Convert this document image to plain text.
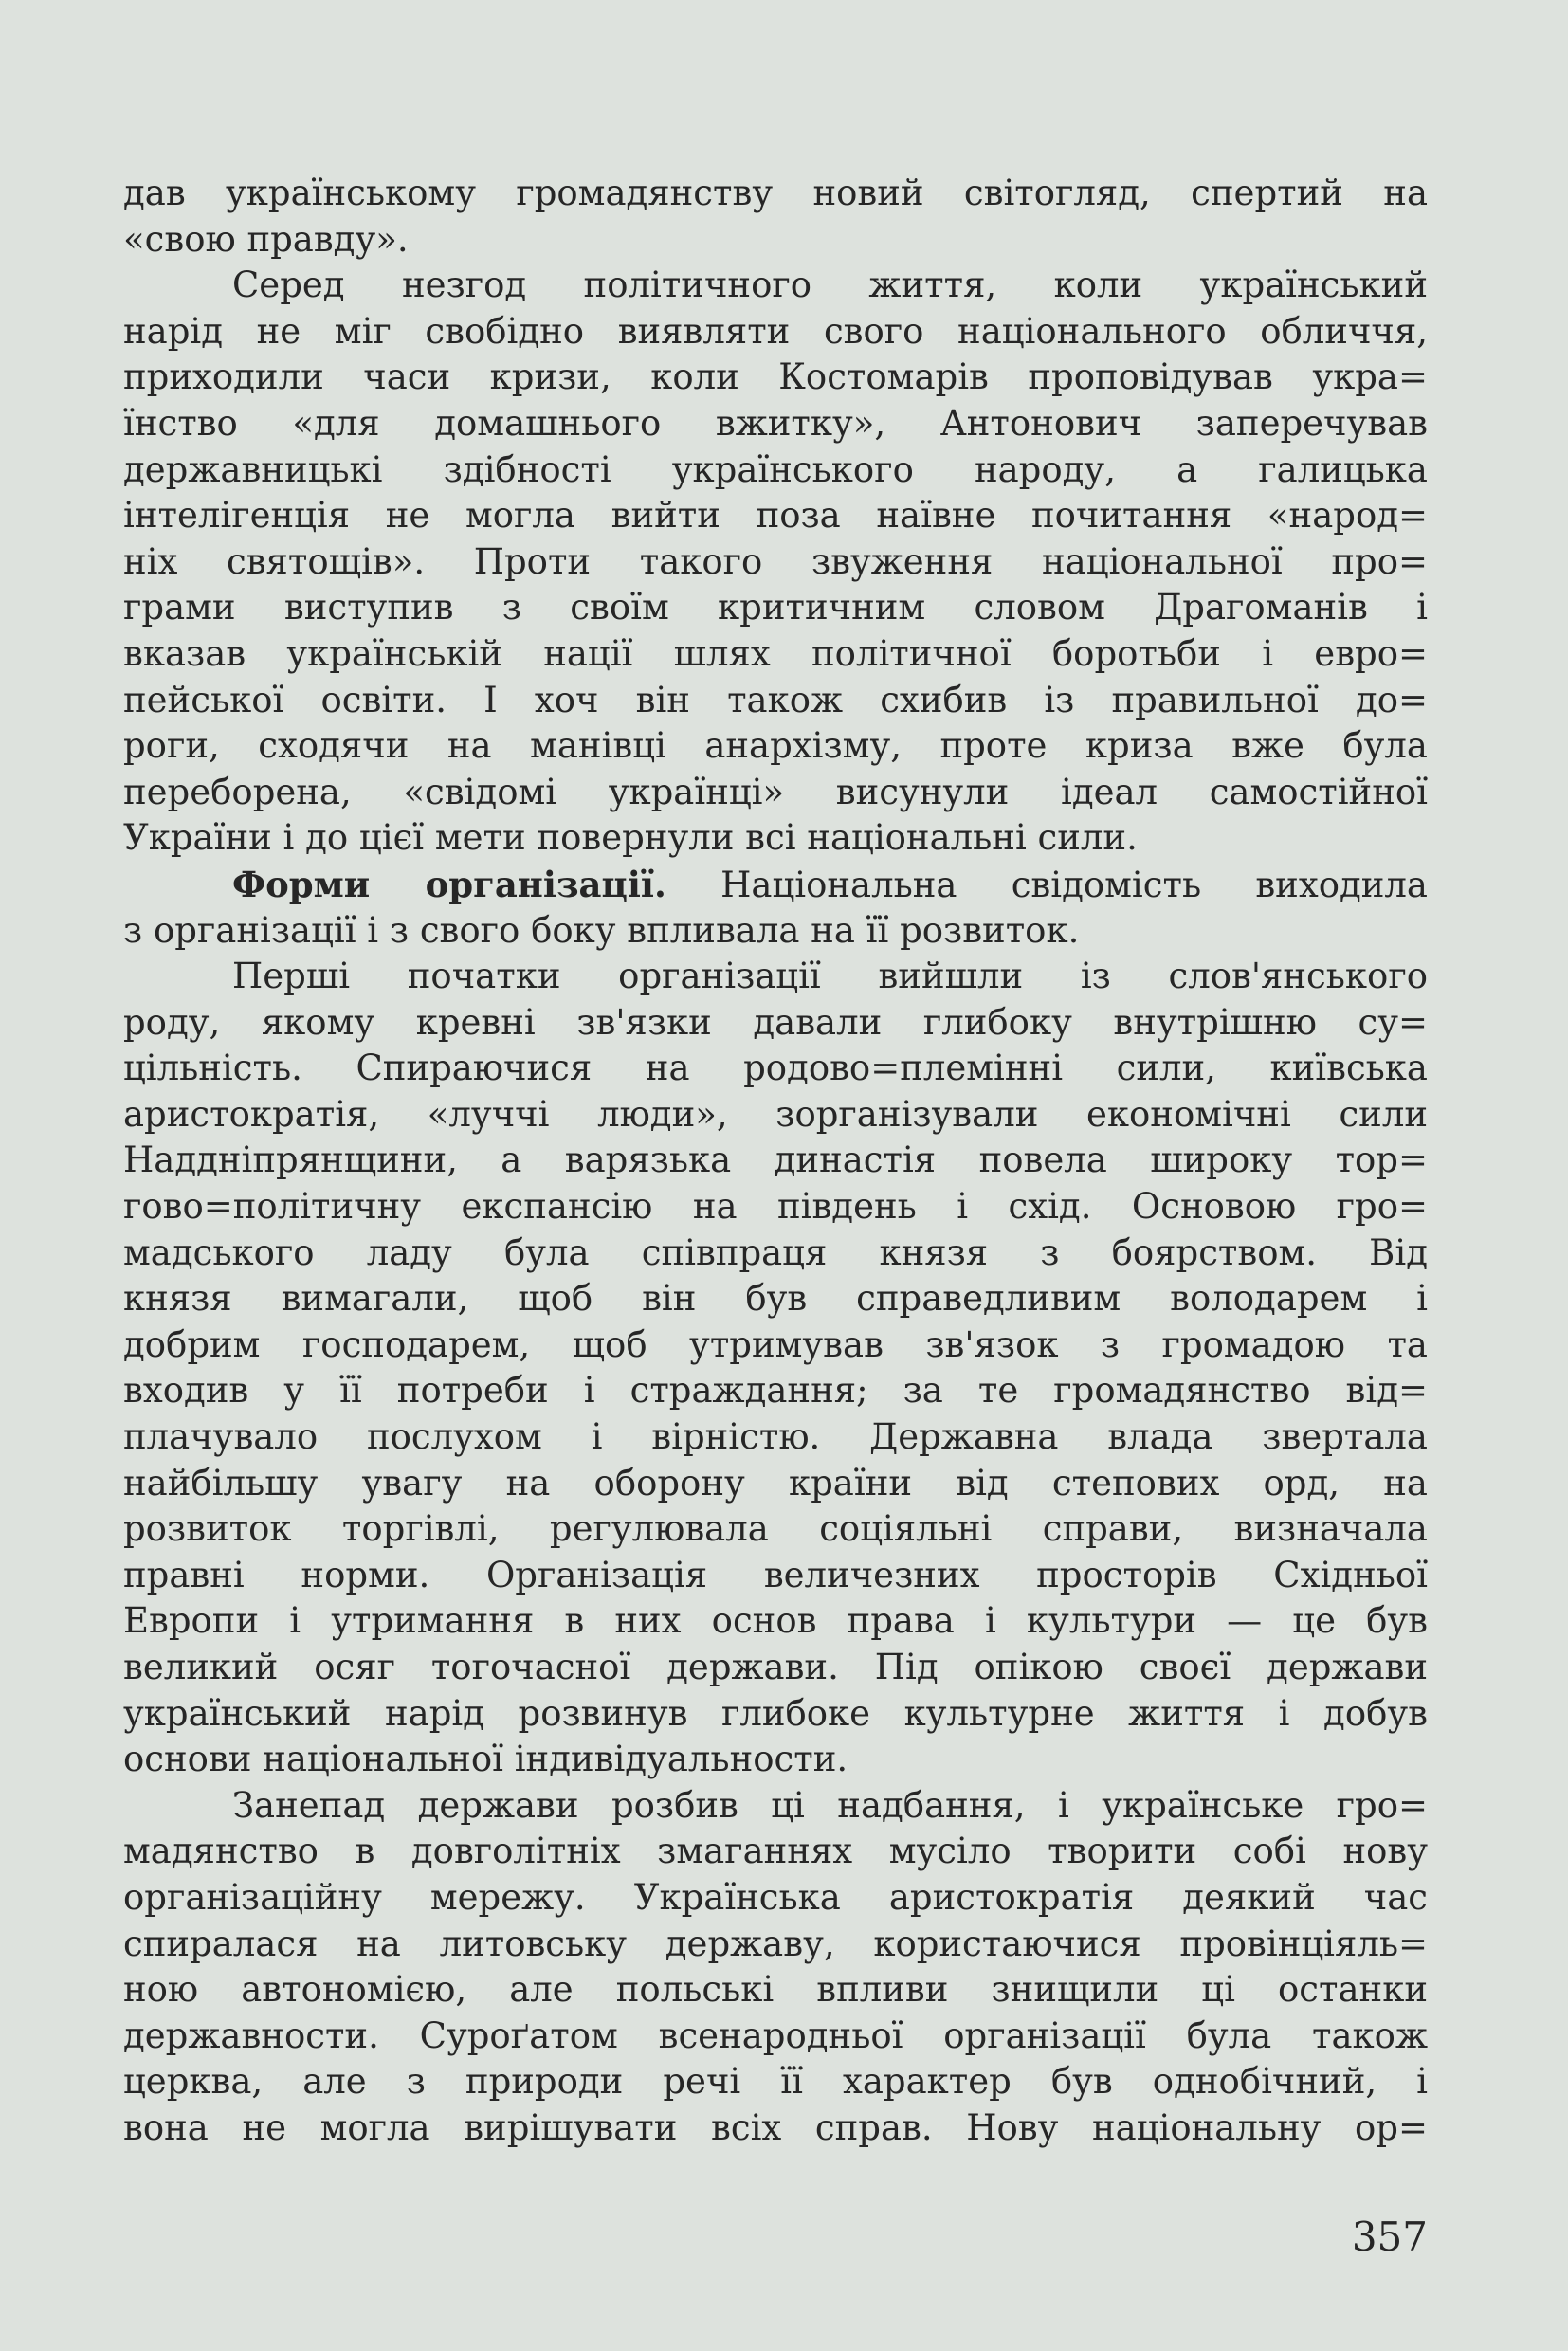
дав українському громадянству новий світогляд, спертий на
«свою правду».
Серед незгод політичного життя, коли український
нарід не міг свобідно виявляти свого національного обличчя,
приходили часи кризи, коли Костомарів проповідував укра=
їнство «для домашнього вжитку», Антонович заперечував
державницькі здібності українського народу, а галицька
інтелігенція не могла вийти поза наївне почитання «народ=
ніх святощів». Проти такого звуження національної про=
грами виступив з своїм критичним словом Драгоманів і
вказав українській нації шлях політичної боротьби і евро=
пейської освіти. І хоч він також схибив із правильної до=
роги, сходячи на манівці анархізму, проте криза вже була
переборена, «свідомі українці» висунули ідеал самостійної
України і до цієї мети повернули всі національні сили.
Форми організації. Національна свідомість виходила
з організації і з свого боку впливала на її розвиток.
Перші початки організації вийшли із слов'янського
роду, якому кревні зв'язки давали глибоку внутрішню су=
цільність. Спираючися на родово=племінні сили, київська
аристократія, «луччі люди», зорганізували економічні сили
Наддніпрянщини, а варязька династія повела широку тор=
гово=політичну експансію на південь і схід. Основою гро=
мадського ладу була співпраця князя з боярством. Від
князя вимагали, щоб він був справедливим володарем і
добрим господарем, щоб утримував зв'язок з громадою та
входив у її потреби і страждання; за те громадянство від=
плачувало послухом і вірністю. Державна влада звертала
найбільшу увагу на оборону країни від степових орд, на
розвиток торгівлі, регулювала соціяльні справи, визначала
правні норми. Організація величезних просторів Східньої
Европи і утримання в них основ права і культури — це був
великий осяг тогочасної держави. Під опікою своєї держави
український нарід розвинув глибоке культурне життя і добув
основи національної індивідуальности.
Занепад держави розбив ці надбання, і українське гро=
мадянство в довголітніх змаганнях мусіло творити собі нову
організаційну мережу. Українська аристократія деякий час
спиралася на литовську державу, користаючися провінціяль=
ною автономією, але польські впливи знищили ці останки
державности. Суроґатом всенародньої організації була також
церква, але з природи речі її характер був однобічний, і
вона не могла вирішувати всіх справ. Нову національну ор=
357
